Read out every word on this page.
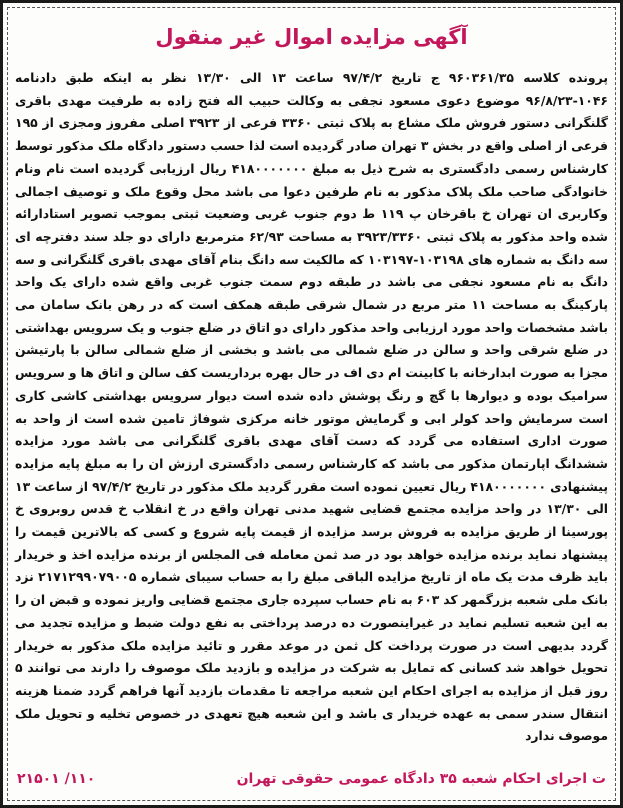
آگهی مزایده اموال غیر منقول

پرونده کلاسه ۹۶۰۳۶۱/۳۵ ج تاریخ ۹۷/۴/۲ ساعت ۱۳ الی ۱۳/۳۰ نظر به اینکه طبق دادنامه ۱۰۴۶-۹۶/۸/۲۳ موضوع دعوی مسعود نجفی به وکالت حبیب اله فتح زاده به طرفیت مهدی باقری گلنگرانی دستور فروش ملک مشاع به پلاک ثبتی ۳۳۶۰ فرعی از ۳۹۲۳ اصلی مفروز ومجزی از ۱۹۵ فرعی از اصلی واقع در بخش ۳ تهران صادر گردیده است لذا حسب دستور دادگاه ملک مذکور توسط کارشناس رسمی دادگستری به شرح ذیل به مبلغ ۴۱۸۰۰۰۰۰۰۰ ریال ارزیابی گردیده است نام ونام خانوادگی صاحب ملک پلاک مذکور به نام طرفین دعوا می باشد محل وقوع ملک و توصیف اجمالی وکاربری ان تهران خ باقرخان پ ۱۱۹ ط دوم جنوب غربی وضعیت ثبتی بموجب تصویر استادارائه شده واحد مذکور به پلاک ثبتی ۳۹۲۳/۳۳۶۰ به مساحت ۶۲/۹۳ مترمربع دارای دو جلد سند دفترچه ای سه دانگ به شماره های ۱۰۳۱۹۸-۱۰۳۱۹۷ که مالکیت سه دانگ بنام آقای مهدی باقری گلنگرانی و سه دانگ به نام مسعود نجفی می باشد در طبقه دوم سمت جنوب غربی واقع شده دارای یک واحد پارکینگ به مساحت ۱۱ متر مربع در شمال شرقی طبقه همکف است که در رهن بانک سامان می باشد مشخصات واحد مورد ارزیابی واحد مذکور دارای دو اتاق در ضلع جنوب و یک سرویس بهداشتی در ضلع شرقی واحد و سالن در ضلع شمالی می باشد و بخشی از ضلع شمالی سالن با پارتیشن مجزا به صورت ابدارخانه با کابینت ام دی اف در حال بهره برداریست کف سالن و اتاق ها و سرویس سرامیک بوده و دیوارها با گچ و رنگ پوشش داده شده است دیوار سرویس بهداشتی کاشی کاری است سرمایش واحد کولر ابی و گرمایش موتور خانه مرکزی شوفاژ تامین شده است از واحد به صورت اداری استفاده می گردد که دست آقای مهدی باقری گلنگرانی می باشد مورد مزایده ششدانگ اپارتمان مذکور می باشد که کارشناس رسمی دادگستری ارزش ان را به مبلغ پایه مزایده پیشنهادی ۴۱۸۰۰۰۰۰۰۰ ریال تعیین نموده است مقرر گردید ملک مذکور در تاریخ ۹۷/۴/۲ از ساعت ۱۳ الی ۱۳/۳۰ در واحد مزایده مجتمع قضایی شهید مدنی تهران واقع در خ انقلاب خ قدس روبروی خ پورسینا از طریق مزایده به فروش برسد مزایده از قیمت پایه شروع و کسی که بالاترین قیمت را پیشنهاد نماید برنده مزایده خواهد بود در صد ثمن معامله فی المجلس از برنده مزایده اخذ و خریدار باید ظرف مدت یک ماه از تاریخ مزایده الباقی مبلغ را به حساب سیبای شماره ۲۱۷۱۲۹۹۰۷۹۰۰۵ نزد بانک ملی شعبه بزرگمهر کد ۶۰۳ به نام حساب سپرده جاری مجتمع قضایی واریز نموده و قبض ان را به این شعبه تسلیم نماید در غیراینصورت ده درصد پرداختی به نفع دولت ضبط و مزایده تجدید می گردد بدیهی است در صورت پرداخت کل ثمن در موعد مقرر و تائید مزایده ملک مذکور به خریدار تحویل خواهد شد کسانی که تمایل به شرکت در مزایده و بازدید ملک موصوف را دارند می توانند ۵ روز قبل از مزایده به اجرای احکام این شعبه مراجعه تا مقدمات بازدید آنها فراهم گردد ضمنا هزینه انتقال سندر سمی به عهده خریدار ی باشد و این شعبه هیچ تعهدی در خصوص تخلیه و تحویل ملک موصوف ندارد

ت اجرای احکام شعبه ۳۵ دادگاه عمومی حقوقی تهران
۲۱۵۰۱ /۱۱۰
